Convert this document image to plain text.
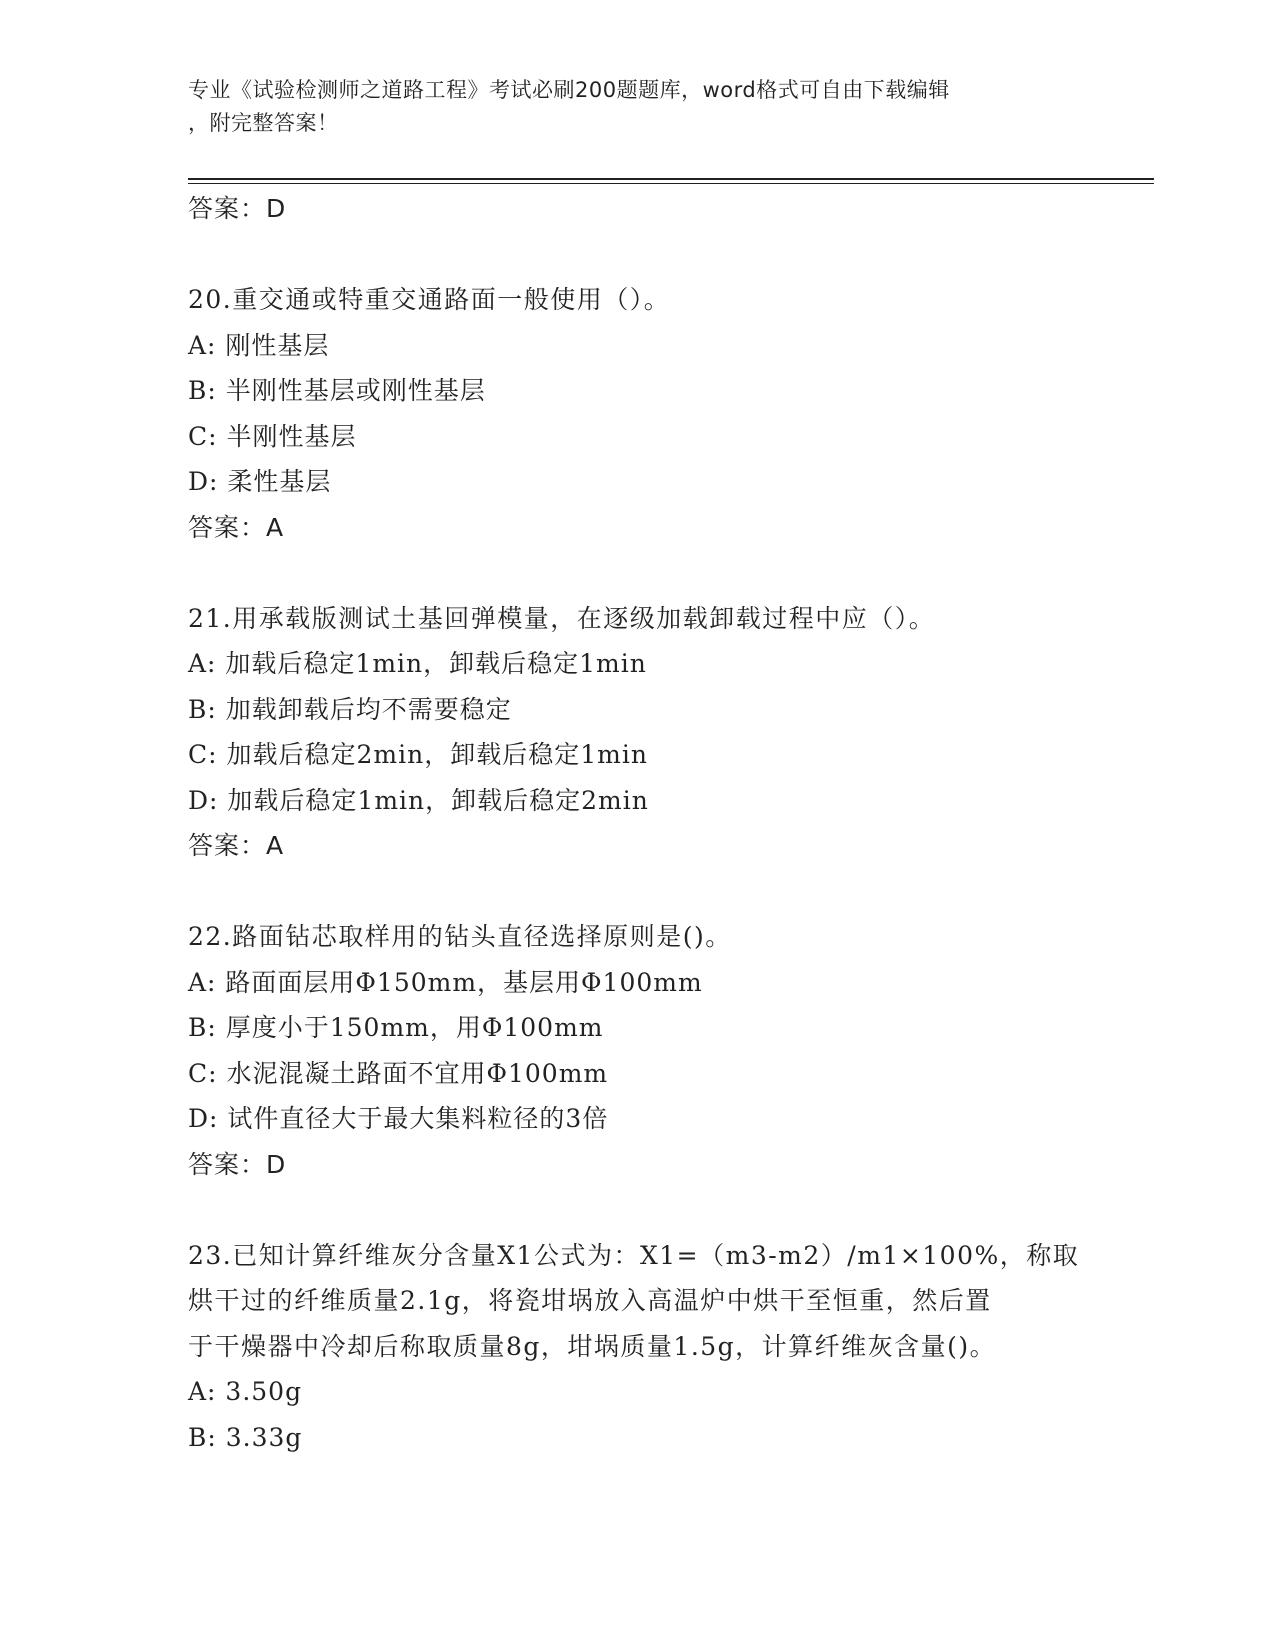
专业《试验检测师之道路工程》考试必刷200题题库，word格式可自由下载编辑
，附完整答案！
答案：D
20.重交通或特重交通路面一般使用（）。
A: 刚性基层
B: 半刚性基层或刚性基层
C: 半刚性基层
D: 柔性基层
答案：A
21.用承载版测试土基回弹模量，在逐级加载卸载过程中应（）。
A: 加载后稳定1min，卸载后稳定1min
B: 加载卸载后均不需要稳定
C: 加载后稳定2min，卸载后稳定1min
D: 加载后稳定1min，卸载后稳定2min
答案：A
22.路面钻芯取样用的钻头直径选择原则是()。
A: 路面面层用Φ150mm，基层用Φ100mm
B: 厚度小于150mm，用Φ100mm
C: 水泥混凝土路面不宜用Φ100mm
D: 试件直径大于最大集料粒径的3倍
答案：D
23.已知计算纤维灰分含量X1公式为：X1=（m3-m2）/m1×100%，称取
烘干过的纤维质量2.1g，将瓷坩埚放入高温炉中烘干至恒重，然后置
于干燥器中冷却后称取质量8g，坩埚质量1.5g，计算纤维灰含量()。
A: 3.50g
B: 3.33g
